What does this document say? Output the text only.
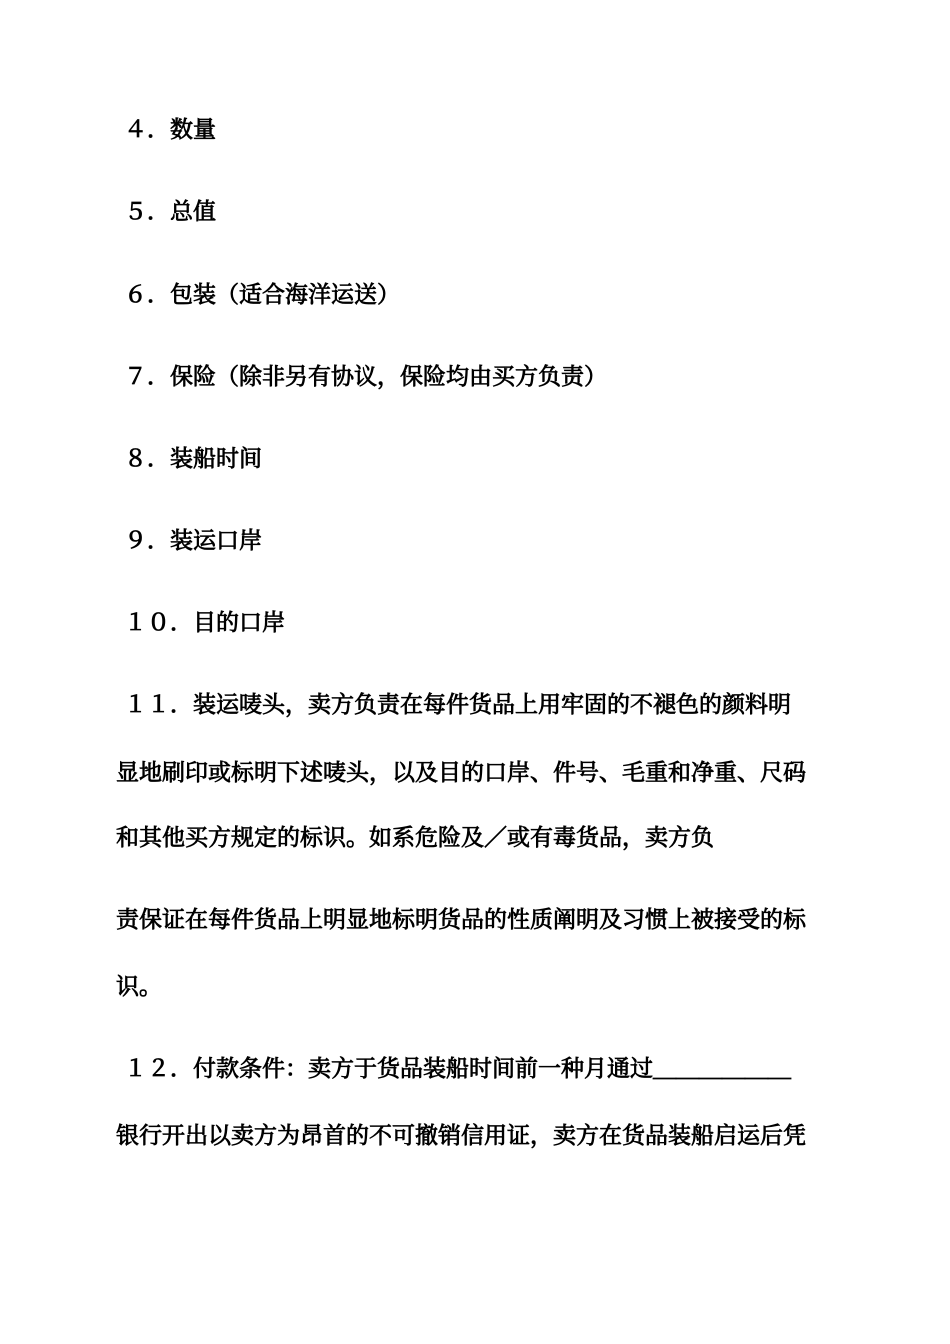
４．数量
５．总值
６．包装（适合海洋运送）
７．保险（除非另有协议，保险均由买方负责）
８．装船时间
９．装运口岸
１０．目的口岸
１１．装运唛头，卖方负责在每件货品上用牢固的不褪色的颜料明
显地刷印或标明下述唛头，以及目的口岸、件号、毛重和净重、尺码
和其他买方规定的标识。如系危险及／或有毒货品，卖方负
责保证在每件货品上明显地标明货品的性质阐明及习惯上被接受的标
识。
１２．付款条件：卖方于货品装船时间前一种月通过＿＿＿＿＿＿
银行开出以卖方为昂首的不可撤销信用证，卖方在货品装船启运后凭
